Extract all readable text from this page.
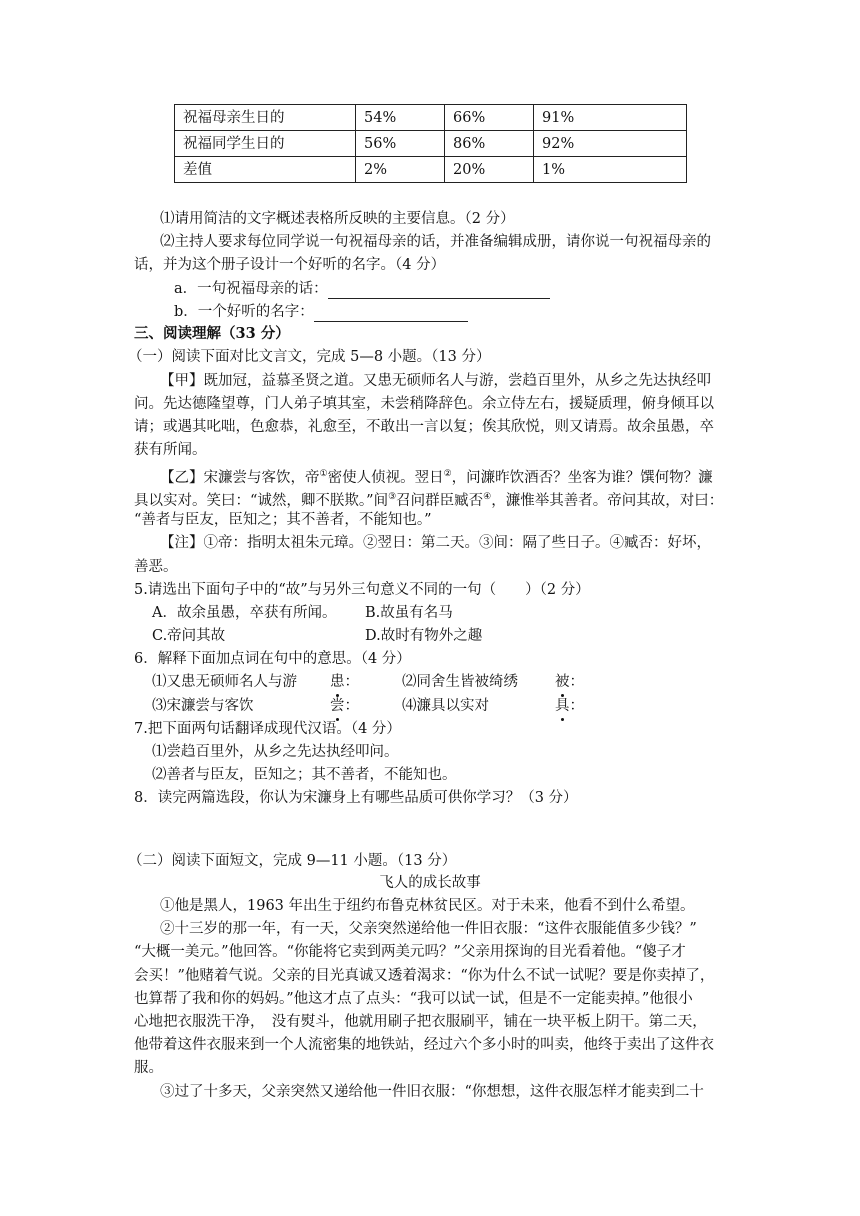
祝福母亲生日的	54%	66%	91%
祝福同学生日的	56%	86%	92%
差值	2%	20%	1%
⑴请用简洁的文字概述表格所反映的主要信息。（2 分）
⑵主持人要求每位同学说一句祝福母亲的话，并准备编辑成册，请你说一句祝福母亲的
话，并为这个册子设计一个好听的名字。（4 分）
a．一句祝福母亲的话：
b．一个好听的名字：
三、阅读理解（33 分）
（一）阅读下面对比文言文，完成 5—8 小题。（13 分）
【甲】既加冠，益慕圣贤之道。又患无硕师名人与游，尝趋百里外，从乡之先达执经叩
问。先达德隆望尊，门人弟子填其室，未尝稍降辞色。余立侍左右，援疑质理，俯身倾耳以
请；或遇其叱咄，色愈恭，礼愈至，不敢出一言以复；俟其欣悦，则又请焉。故余虽愚，卒
获有所闻。
【乙】宋濂尝与客饮，帝①密使人侦视。翌日②，问濂昨饮酒否？坐客为谁？馔何物？濂
具以实对。笑曰：“诚然，卿不朕欺。”间③召问群臣臧否④，濂惟举其善者。帝问其故，对曰：
“善者与臣友，臣知之；其不善者，不能知也。”
【注】①帝：指明太祖朱元璋。②翌日：第二天。③间：隔了些日子。④臧否：好坏，
善恶。
5.请选出下面句子中的“故”与另外三句意义不同的一句（　　）（2 分）
A．故余虽愚，卒获有所闻。 B.故虽有名马
C.帝问其故	D.故时有物外之趣
6．解释下面加点词在句中的意思。（4 分）
⑴又患无硕师名人与游 患：	⑵同舍生皆被绮绣	被：
⑶宋濂尝与客饮	尝：	⑷濂具以实对	具：
7.把下面两句话翻译成现代汉语。（4 分）
⑴尝趋百里外，从乡之先达执经叩问。
⑵善者与臣友，臣知之；其不善者，不能知也。
8．读完两篇选段，你认为宋濂身上有哪些品质可供你学习？（3 分）
（二）阅读下面短文，完成 9—11 小题。（13 分）
飞人的成长故事
①他是黑人，1963 年出生于纽约布鲁克林贫民区。对于未来，他看不到什么希望。
②十三岁的那一年，有一天，父亲突然递给他一件旧衣服：“这件衣服能值多少钱？”
“大概一美元。”他回答。“你能将它卖到两美元吗？”父亲用探询的目光看着他。“傻子才
会买！”他赌着气说。父亲的目光真诚又透着渴求：“你为什么不试一试呢？要是你卖掉了，
也算帮了我和你的妈妈。”他这才点了点头：“我可以试一试，但是不一定能卖掉。”他很小
心地把衣服洗干净，　没有熨斗，他就用刷子把衣服刷平，铺在一块平板上阴干。第二天，
他带着这件衣服来到一个人流密集的地铁站，经过六个多小时的叫卖，他终于卖出了这件衣
服。
③过了十多天，父亲突然又递给他一件旧衣服：“你想想，这件衣服怎样才能卖到二十
